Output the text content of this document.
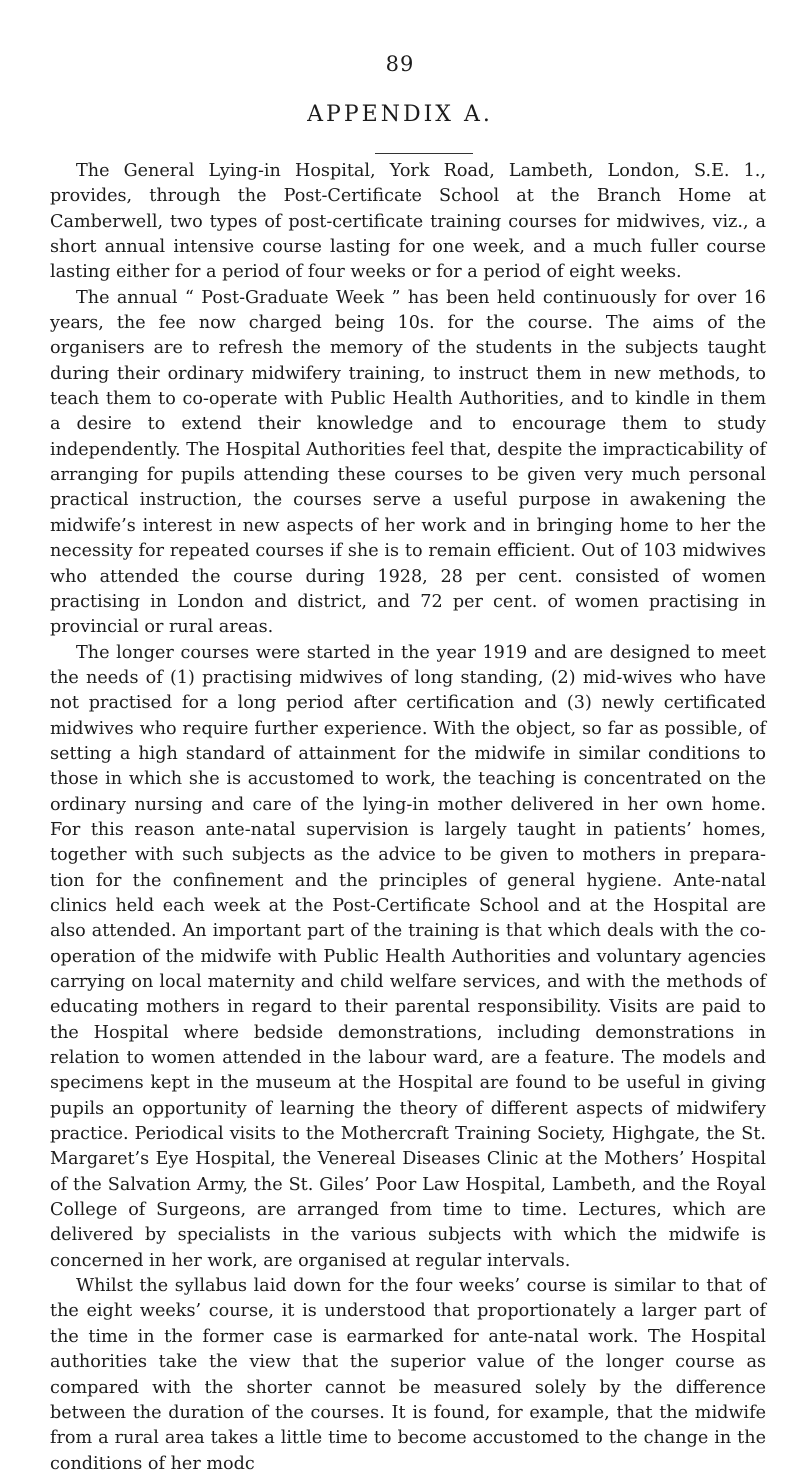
89
APPENDIX A.

The General Lying-in Hospital, York Road, Lambeth, London, S.E. 1., provides, through the Post-Certificate School at the Branch Home at Camberwell, two types of post-certificate training courses for midwives, viz., a short annual intensive course lasting for one week, and a much fuller course lasting either for a period of four weeks or for a period of eight weeks.

The annual “ Post-Graduate Week ” has been held continuously for over 16 years, the fee now charged being 10s. for the course. The aims of the organisers are to refresh the memory of the students in the subjects taught during their ordinary midwifery training, to instruct them in new methods, to teach them to co-operate with Public Health Authorities, and to kindle in them a desire to extend their knowledge and to encourage them to study independently. The Hospital Authorities feel that, despite the impracticability of arranging for pupils attending these courses to be given very much personal practical instruction, the courses serve a useful purpose in awakening the midwife’s interest in new aspects of her work and in bringing home to her the necessity for repeated courses if she is to remain efficient. Out of 103 midwives who attended the course during 1928, 28 per cent. consisted of women practising in London and district, and 72 per cent. of women practising in provincial or rural areas.

The longer courses were started in the year 1919 and are designed to meet the needs of (1) practising midwives of long standing, (2) mid-wives who have not practised for a long period after certification and (3) newly certificated midwives who require further experience. With the object, so far as possible, of setting a high standard of attainment for the midwife in similar conditions to those in which she is accustomed to work, the teaching is concentrated on the ordinary nursing and care of the lying-in mother delivered in her own home. For this reason ante-natal supervision is largely taught in patients’ homes, together with such subjects as the advice to be given to mothers in prepara-tion for the confinement and the principles of general hygiene. Ante-natal clinics held each week at the Post-Certificate School and at the Hospital are also attended. An important part of the training is that which deals with the co-operation of the midwife with Public Health Authorities and voluntary agencies carrying on local maternity and child welfare services, and with the methods of educating mothers in regard to their parental responsibility. Visits are paid to the Hospital where bedside demonstrations, including demonstrations in relation to women attended in the labour ward, are a feature. The models and specimens kept in the museum at the Hospital are found to be useful in giving pupils an opportunity of learning the theory of different aspects of midwifery practice. Periodical visits to the Mothercraft Training Society, Highgate, the St. Margaret’s Eye Hospital, the Venereal Diseases Clinic at the Mothers’ Hospital of the Salvation Army, the St. Giles’ Poor Law Hospital, Lambeth, and the Royal College of Surgeons, are arranged from time to time. Lectures, which are delivered by specialists in the various subjects with which the midwife is concerned in her work, are organised at regular intervals.

Whilst the syllabus laid down for the four weeks’ course is similar to that of the eight weeks’ course, it is understood that proportionately a larger part of the time in the former case is earmarked for ante-natal work. The Hospital authorities take the view that the superior value of the longer course as compared with the shorter cannot be measured solely by the difference between the duration of the courses. It is found, for example, that the midwife from a rural area takes a little time to become accustomed to the change in the conditions of her modc
